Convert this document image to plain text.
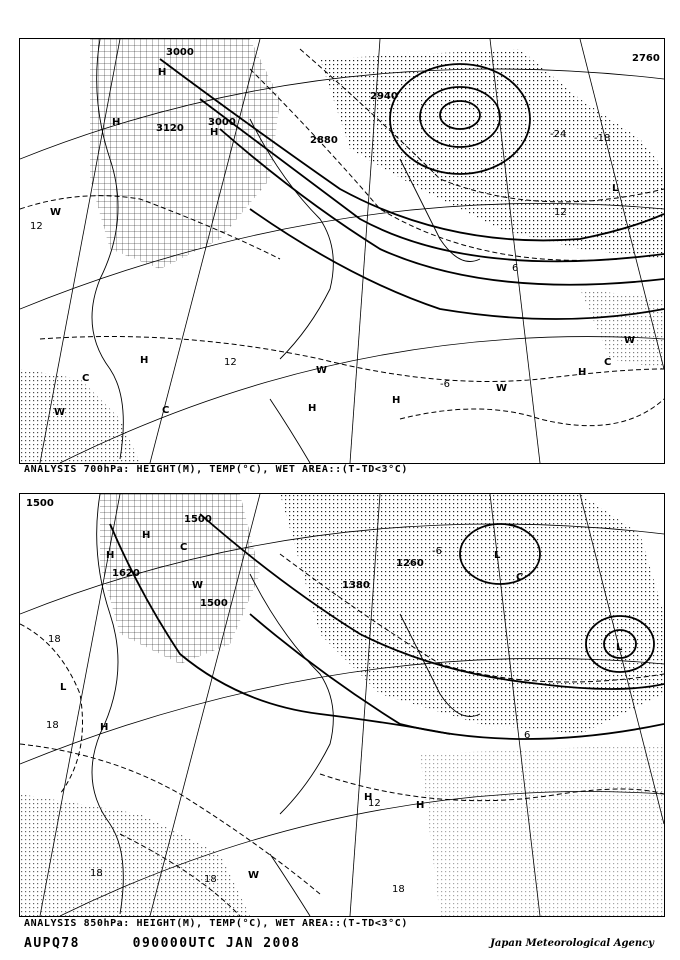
3000
3120
3000
2880
2940
2760
-24	-18
12
6
12
12
-6
H
H
H
H
H
H
H
L
C
C
C
W
W
W
W
W
ANALYSIS 700hPa: HEIGHT(M), TEMP(°C), WET AREA::(T-TD<3°C)
1500
1500
1620
1500
1380
1260
18
18
18
18
18
12
6
-6
H
H
H
H
H
L
L
L
C
C
W
W
ANALYSIS 850hPa: HEIGHT(M), TEMP(°C), WET AREA::(T-TD<3°C)
AUPQ78	090000UTC JAN 2008	Japan Meteorological Agency
